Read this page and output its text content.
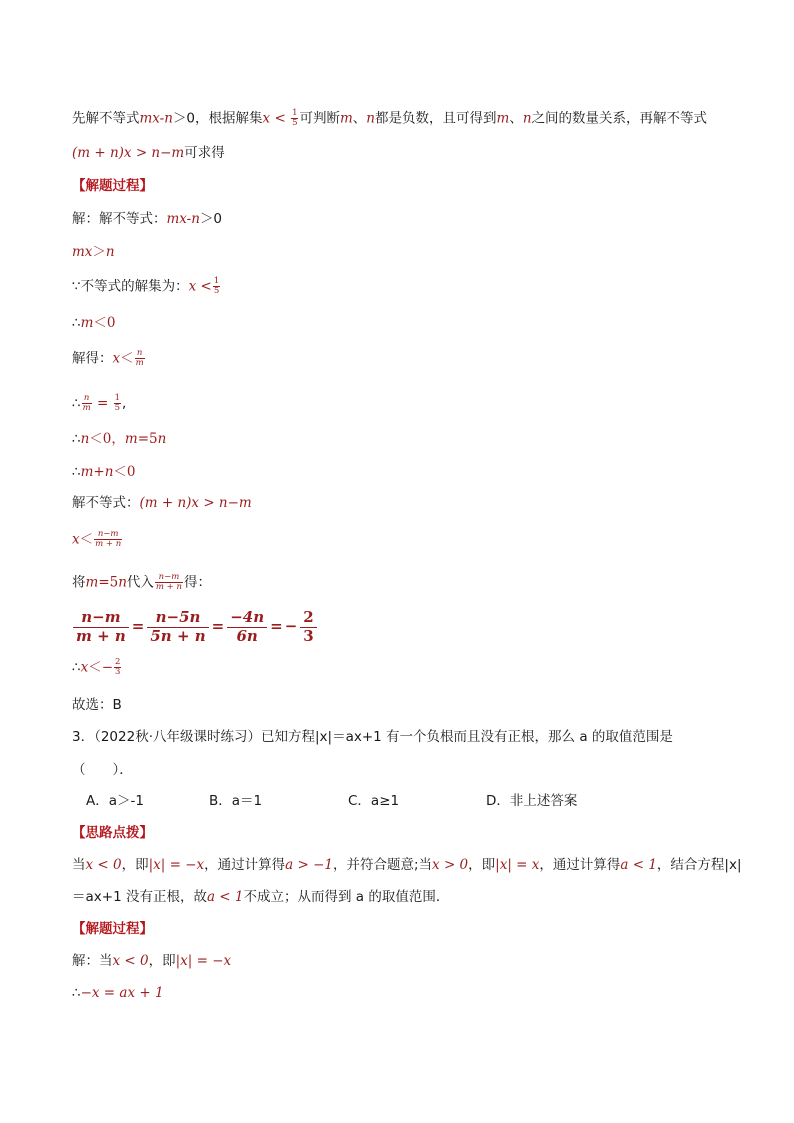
先解不等式mx-n＞0，根据解集$x < \frac{1}{5}$ 可判断m、n都是负数，且可得到m、n之间的数量关系，再解不等式
(m + n)x > n−m可求得
【解题过程】
解：解不等式：mx-n＞0
mx＞n
∵不等式的解集为：$x < \frac{1}{5}$
∴m＜0
解得：$x< \frac{n}{m}$
∴ $\frac{n}{m} = \frac{1}{5}$ ,
∴n＜0，m=5n
∴m+n＜0
解不等式：(m + n)x > n−m
$x< \frac{n-m}{m + n}$
将m=5n代入 $\frac{n-m}{m + n}$ 得：
$\frac{n-m}{m + n} = \frac{n-5n}{5n + n} = \frac{-4n}{6n}$ = − $\frac{2}{3}$
∴x＜− $\frac{2}{3}$
故选：B
3．（2022秋·八年级课时练习）已知方程|x|＝ax+1 有一个负根而且没有正根，那么 a 的取值范围是
（　　）．
A．a＞-1	B．a＝1	C．a≥1	D．非上述答案
【思路点拨】
当x < 0，即|x| = −x，通过计算得a > −1，并符合题意;当x > 0，即|x| = x，通过计算得a < 1，结合方程|x|
＝ax+1 没有正根，故a < 1不成立；从而得到 a 的取值范围．
【解题过程】
解：当x < 0，即|x| = −x
∴−x = ax + 1
